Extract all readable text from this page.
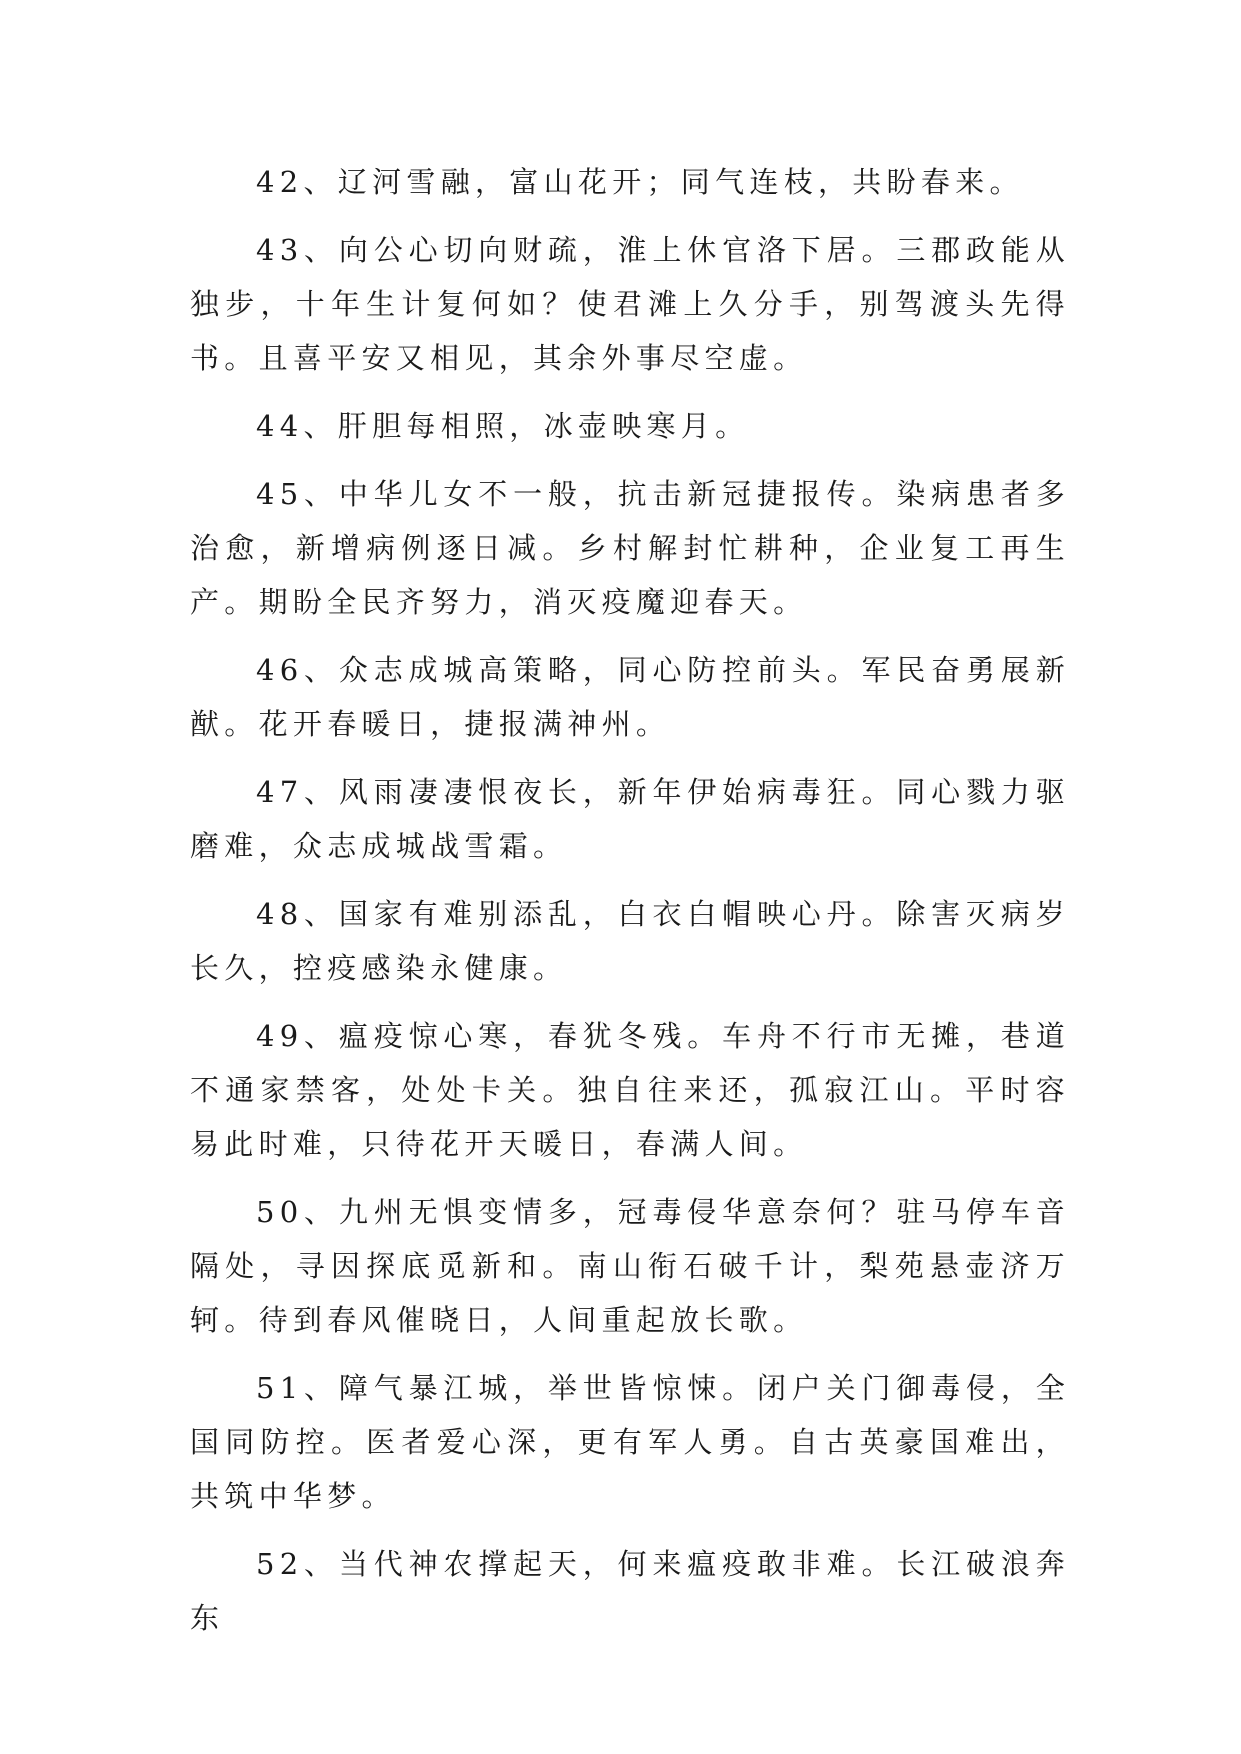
42、辽河雪融，富山花开；同气连枝，共盼春来。

43、向公心切向财疏，淮上休官洛下居。三郡政能从独步，十年生计复何如？使君滩上久分手，别驾渡头先得书。且喜平安又相见，其余外事尽空虚。

44、肝胆每相照，冰壶映寒月。

45、中华儿女不一般，抗击新冠捷报传。染病患者多治愈，新增病例逐日减。乡村解封忙耕种，企业复工再生产。期盼全民齐努力，消灭疫魔迎春天。

46、众志成城高策略，同心防控前头。军民奋勇展新猷。花开春暖日，捷报满神州。

47、风雨凄凄恨夜长，新年伊始病毒狂。同心戮力驱磨难，众志成城战雪霜。

48、国家有难别添乱，白衣白帽映心丹。除害灭病岁长久，控疫感染永健康。

49、瘟疫惊心寒，春犹冬残。车舟不行市无摊，巷道不通家禁客，处处卡关。独自往来还，孤寂江山。平时容易此时难，只待花开天暖日，春满人间。

50、九州无惧变情多，冠毒侵华意奈何？驻马停车音隔处，寻因探底觅新和。南山衔石破千计，梨苑悬壶济万轲。待到春风催晓日，人间重起放长歌。

51、障气暴江城，举世皆惊悚。闭户关门御毒侵，全国同防控。医者爱心深，更有军人勇。自古英豪国难出，共筑中华梦。

52、当代神农撑起天，何来瘟疫敢非难。长江破浪奔东
